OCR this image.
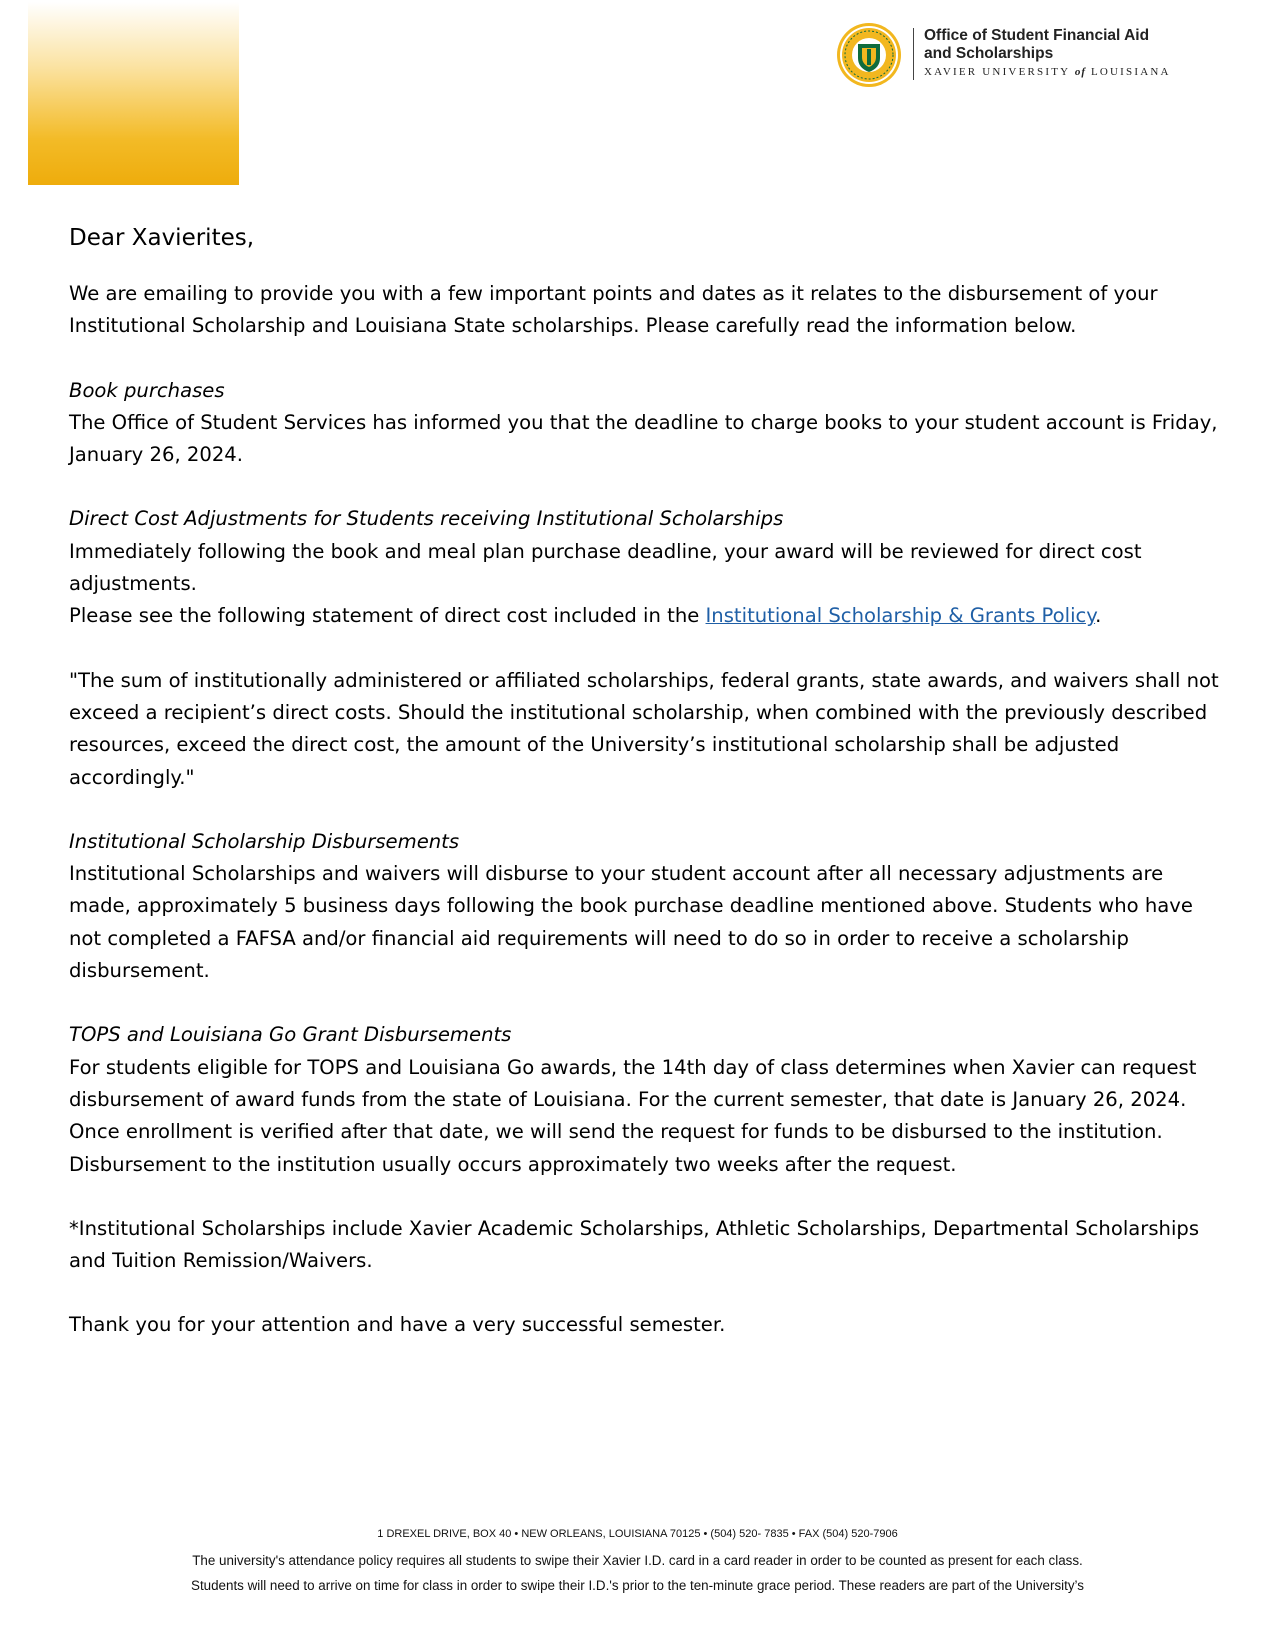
Office of Student Financial Aid
and Scholarships
XAVIER UNIVERSITY of LOUISIANA

Dear Xavierites,

We are emailing to provide you with a few important points and dates as it relates to the disbursement of your Institutional Scholarship and Louisiana State scholarships. Please carefully read the information below.

Book purchases

The Office of Student Services has informed you that the deadline to charge books to your student account is Friday, January 26, 2024.

Direct Cost Adjustments for Students receiving Institutional Scholarships

Immediately following the book and meal plan purchase deadline, your award will be reviewed for direct cost adjustments.

Please see the following statement of direct cost included in the Institutional Scholarship & Grants Policy.

"The sum of institutionally administered or affiliated scholarships, federal grants, state awards, and waivers shall not exceed a recipient’s direct costs. Should the institutional scholarship, when combined with the previously described resources, exceed the direct cost, the amount of the University’s institutional scholarship shall be adjusted accordingly."

Institutional Scholarship Disbursements

Institutional Scholarships and waivers will disburse to your student account after all necessary adjustments are made, approximately 5 business days following the book purchase deadline mentioned above. Students who have not completed a FAFSA and/or financial aid requirements will need to do so in order to receive a scholarship disbursement.

TOPS and Louisiana Go Grant Disbursements

For students eligible for TOPS and Louisiana Go awards, the 14th day of class determines when Xavier can request disbursement of award funds from the state of Louisiana. For the current semester, that date is January 26, 2024. Once enrollment is verified after that date, we will send the request for funds to be disbursed to the institution. Disbursement to the institution usually occurs approximately two weeks after the request.

*Institutional Scholarships include Xavier Academic Scholarships, Athletic Scholarships, Departmental Scholarships and Tuition Remission/Waivers.

Thank you for your attention and have a very successful semester.

1 DREXEL DRIVE, BOX 40 • NEW ORLEANS, LOUISIANA 70125 • (504) 520- 7835 • FAX (504) 520-7906
The university's attendance policy requires all students to swipe their Xavier I.D. card in a card reader in order to be counted as present for each class.
Students will need to arrive on time for class in order to swipe their I.D.'s prior to the ten-minute grace period. These readers are part of the University’s
